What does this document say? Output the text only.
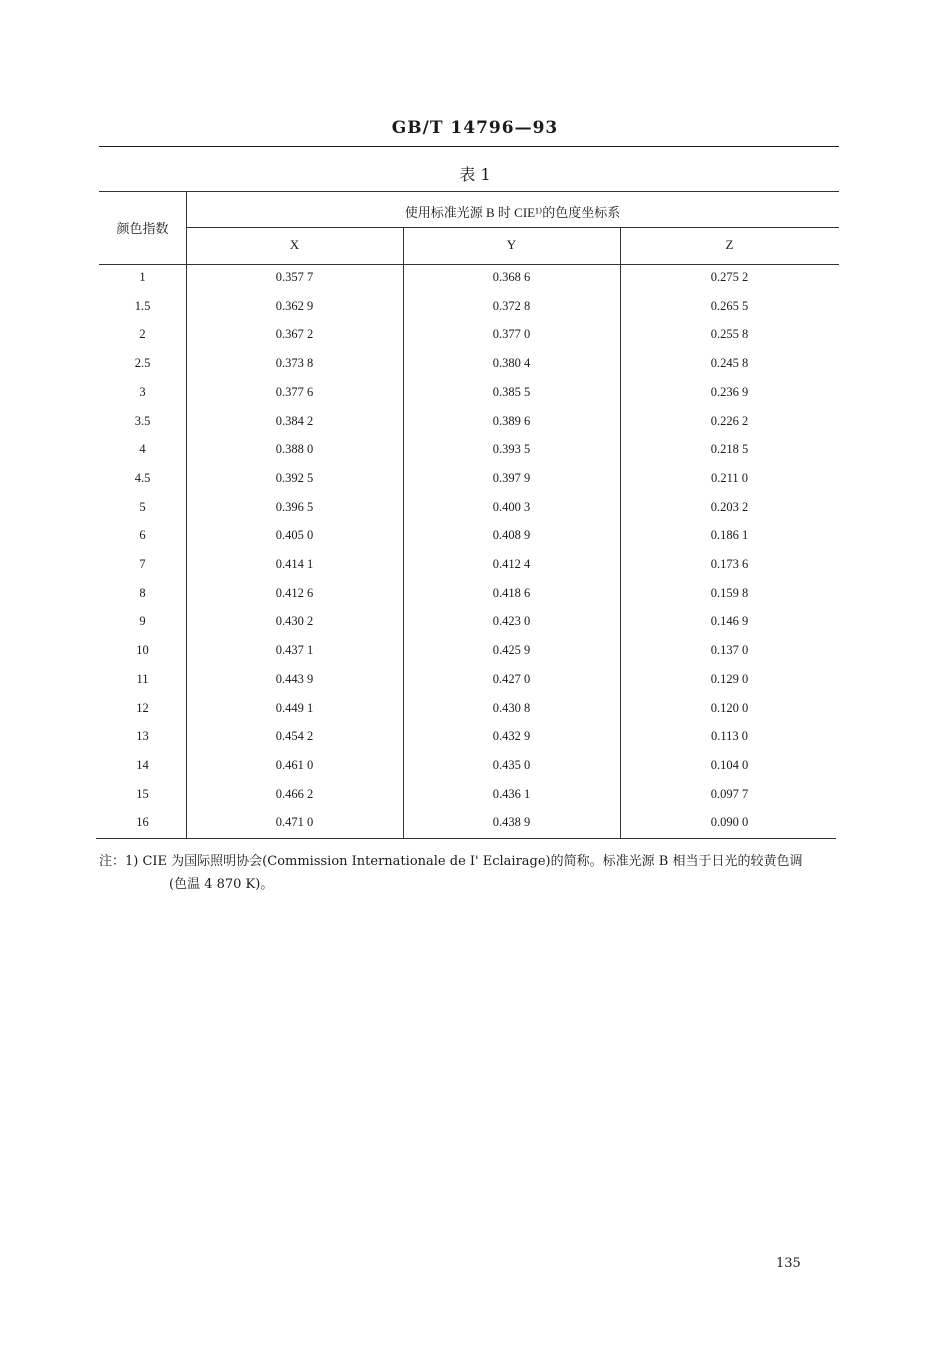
GB/T 14796—93
表 1
颜色指数
使用标准光源 B 时 CIE¹⁾的色度坐标系
X	Y	Z
1	0.357 7	0.368 6	0.275 2
1.5	0.362 9	0.372 8	0.265 5
2	0.367 2	0.377 0	0.255 8
2.5	0.373 8	0.380 4	0.245 8
3	0.377 6	0.385 5	0.236 9
3.5	0.384 2	0.389 6	0.226 2
4	0.388 0	0.393 5	0.218 5
4.5	0.392 5	0.397 9	0.211 0
5	0.396 5	0.400 3	0.203 2
6	0.405 0	0.408 9	0.186 1
7	0.414 1	0.412 4	0.173 6
8	0.412 6	0.418 6	0.159 8
9	0.430 2	0.423 0	0.146 9
10	0.437 1	0.425 9	0.137 0
11	0.443 9	0.427 0	0.129 0
12	0.449 1	0.430 8	0.120 0
13	0.454 2	0.432 9	0.113 0
14	0.461 0	0.435 0	0.104 0
15	0.466 2	0.436 1	0.097 7
16	0.471 0	0.438 9	0.090 0
注：1) CIE 为国际照明协会(Commission Internationale de I' Eclairage)的简称。标准光源 B 相当于日光的较黄色调
(色温 4 870 K)。
135
